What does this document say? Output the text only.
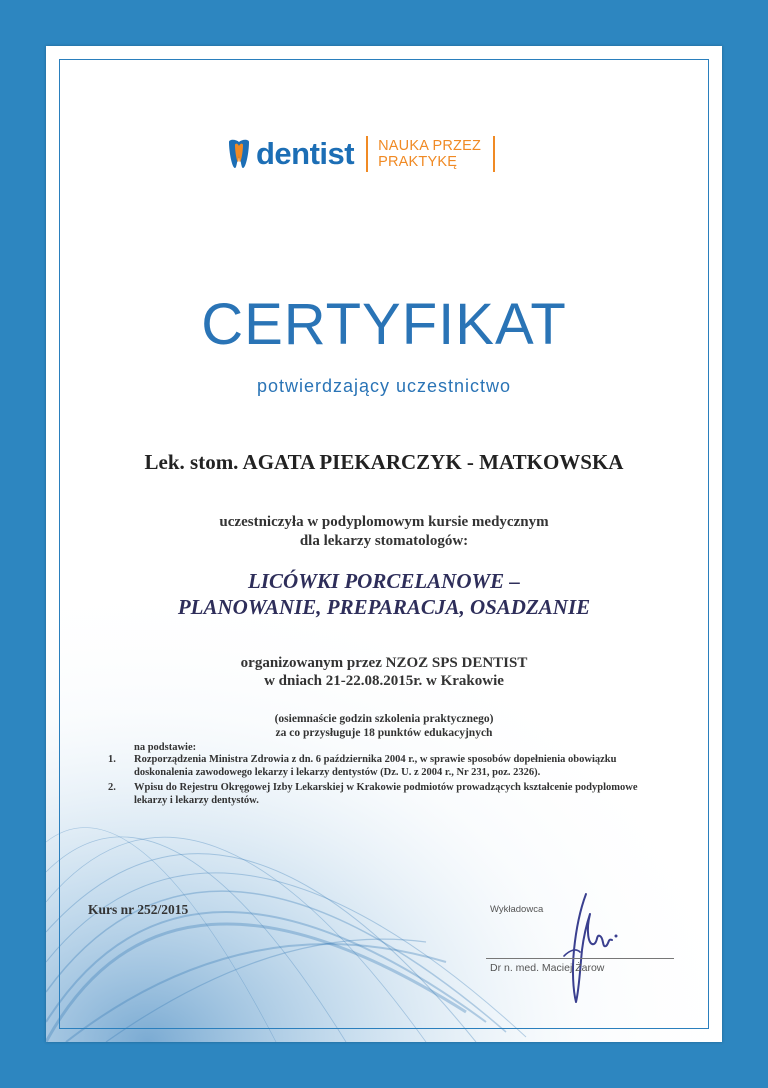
dentist NAUKA PRZEZ
PRAKTYKĘ
CERTYFIKAT
potwierdzający uczestnictwo
Lek. stom. AGATA PIEKARCZYK - MATKOWSKA
uczestniczyła w podyplomowym kursie medycznym
dla lekarzy stomatologów:
LICÓWKI PORCELANOWE –
PLANOWANIE, PREPARACJA, OSADZANIE
organizowanym przez NZOZ SPS DENTIST
w dniach 21-22.08.2015r. w Krakowie
(osiemnaście godzin szkolenia praktycznego)
za co przysługuje 18 punktów edukacyjnych
na podstawie:
1.	Rozporządzenia Ministra Zdrowia z dn. 6 października 2004 r., w sprawie sposobów dopełnienia obowiązku doskonalenia zawodowego lekarzy i lekarzy dentystów (Dz. U. z 2004 r., Nr 231, poz. 2326).
2.	Wpisu do Rejestru Okręgowej Izby Lekarskiej w Krakowie podmiotów prowadzących kształcenie podyplomowe lekarzy i lekarzy dentystów.
Kurs nr 252/2015	Wykładowca
Dr n. med. Maciej Żarow
